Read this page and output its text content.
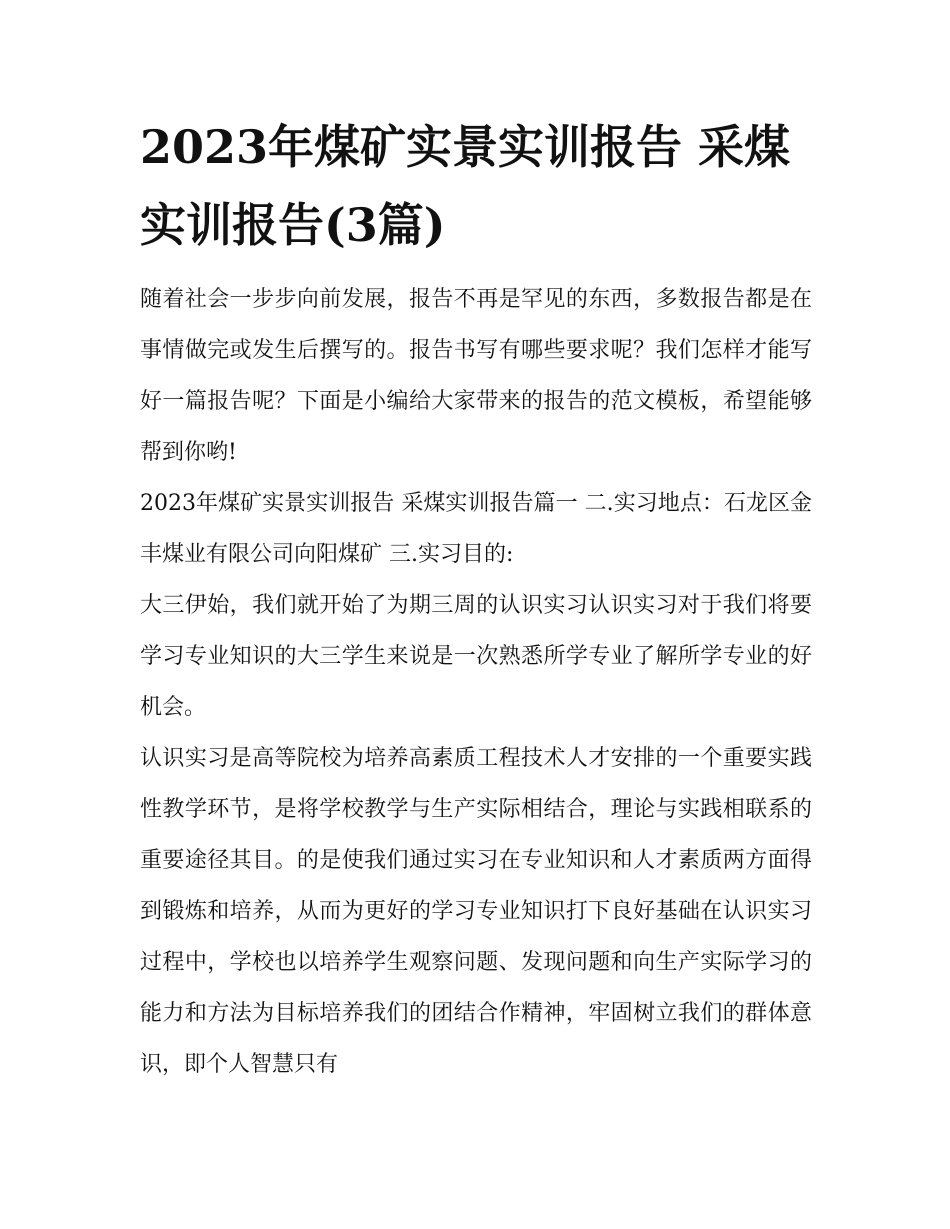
2023年煤矿实景实训报告 采煤实训报告(3篇)

随着社会一步步向前发展，报告不再是罕见的东西，多数报告都是在事情做完或发生后撰写的。报告书写有哪些要求呢？我们怎样才能写好一篇报告呢？下面是小编给大家带来的报告的范文模板，希望能够帮到你哟!

2023年煤矿实景实训报告 采煤实训报告篇一 二.实习地点：石龙区金丰煤业有限公司向阳煤矿 三.实习目的:

大三伊始，我们就开始了为期三周的认识实习认识实习对于我们将要学习专业知识的大三学生来说是一次熟悉所学专业了解所学专业的好机会。

认识实习是高等院校为培养高素质工程技术人才安排的一个重要实践性教学环节，是将学校教学与生产实际相结合，理论与实践相联系的重要途径其目。的是使我们通过实习在专业知识和人才素质两方面得到锻炼和培养，从而为更好的学习专业知识打下良好基础在认识实习过程中，学校也以培养学生观察问题、发现问题和向生产实际学习的能力和方法为目标培养我们的团结合作精神，牢固树立我们的群体意识，即个人智慧只有
